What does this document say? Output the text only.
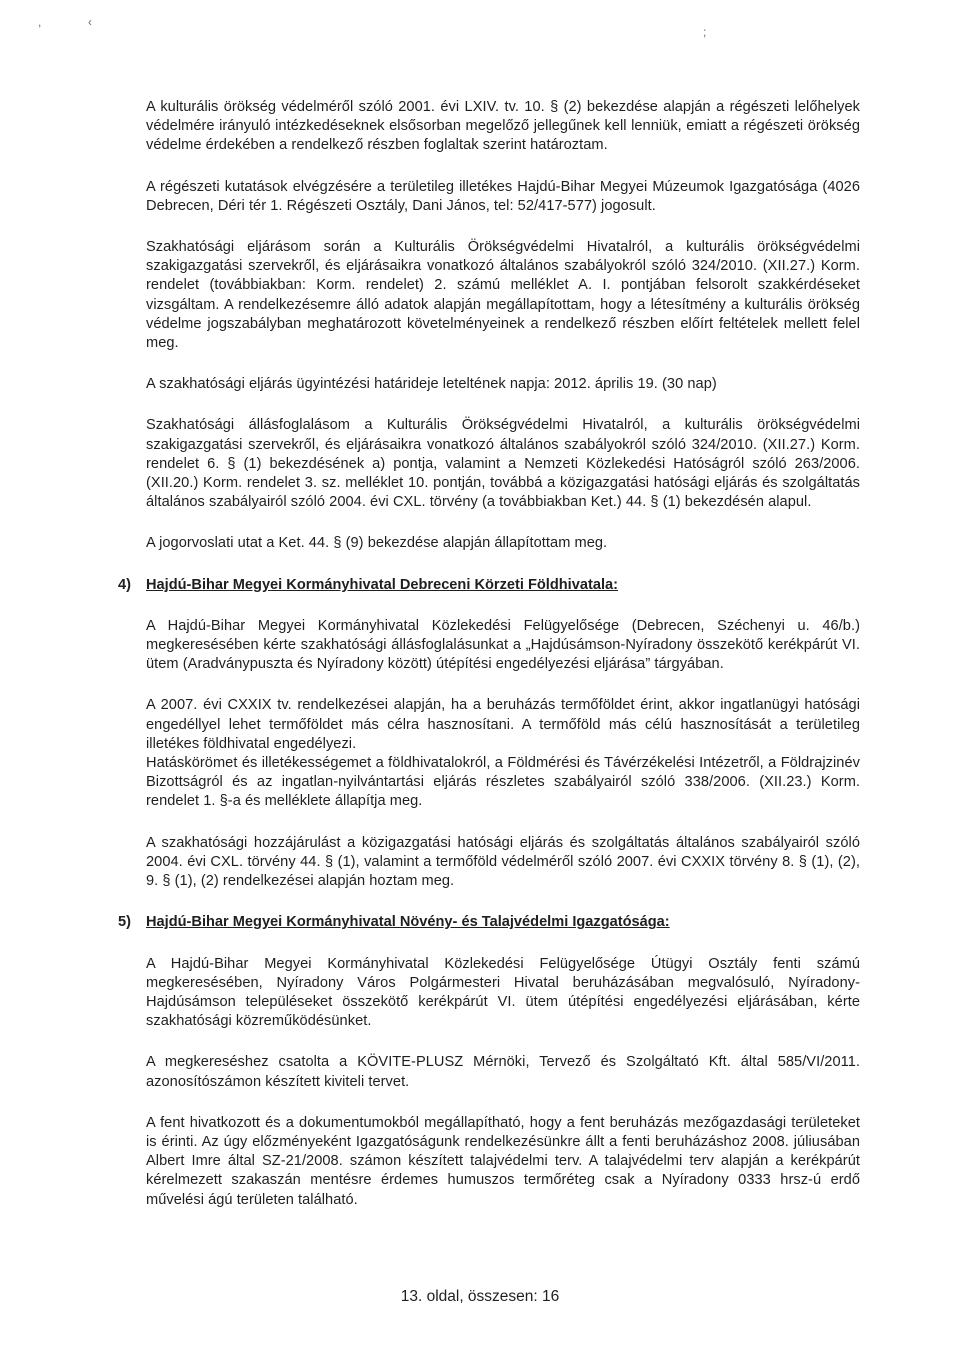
,	‹
;

A kulturális örökség védelméről szóló 2001. évi LXIV. tv. 10. § (2) bekezdése alapján a régészeti lelőhelyek védelmére irányuló intézkedéseknek elsősorban megelőző jellegűnek kell lenniük, emiatt a régészeti örökség védelme érdekében a rendelkező részben foglaltak szerint határoztam.

A régészeti kutatások elvégzésére a területileg illetékes Hajdú-Bihar Megyei Múzeumok Igazgatósága (4026 Debrecen, Déri tér 1. Régészeti Osztály, Dani János, tel: 52/417-577) jogosult.

Szakhatósági eljárásom során a Kulturális Örökségvédelmi Hivatalról, a kulturális örökségvédelmi szakigazgatási szervekről, és eljárásaikra vonatkozó általános szabályokról szóló 324/2010. (XII.27.) Korm. rendelet (továbbiakban: Korm. rendelet) 2. számú melléklet A. I. pontjában felsorolt szakkérdéseket vizsgáltam. A rendelkezésemre álló adatok alapján megállapítottam, hogy a létesítmény a kulturális örökség védelme jogszabályban meghatározott követelményeinek a rendelkező részben előírt feltételek mellett felel meg.

A szakhatósági eljárás ügyintézési határideje leteltének napja: 2012. április 19. (30 nap)

Szakhatósági állásfoglalásom a Kulturális Örökségvédelmi Hivatalról, a kulturális örökségvédelmi szakigazgatási szervekről, és eljárásaikra vonatkozó általános szabályokról szóló 324/2010. (XII.27.) Korm. rendelet 6. § (1) bekezdésének a) pontja, valamint a Nemzeti Közlekedési Hatóságról szóló 263/2006. (XII.20.) Korm. rendelet 3. sz. melléklet 10. pontján, továbbá a közigazgatási hatósági eljárás és szolgáltatás általános szabályairól szóló 2004. évi CXL. törvény (a továbbiakban Ket.) 44. § (1) bekezdésén alapul.

A jogorvoslati utat a Ket. 44. § (9) bekezdése alapján állapítottam meg.

4) Hajdú-Bihar Megyei Kormányhivatal Debreceni Körzeti Földhivatala:

A Hajdú-Bihar Megyei Kormányhivatal Közlekedési Felügyelősége (Debrecen, Széchenyi u. 46/b.) megkeresésében kérte szakhatósági állásfoglalásunkat a „Hajdúsámson-Nyíradony összekötő kerékpárút VI. ütem (Aradványpuszta és Nyíradony között) útépítési engedélyezési eljárása” tárgyában.

A 2007. évi CXXIX tv. rendelkezései alapján, ha a beruházás termőföldet érint, akkor ingatlanügyi hatósági engedéllyel lehet termőföldet más célra hasznosítani. A termőföld más célú hasznosítását a területileg illetékes földhivatal engedélyezi.

Hatáskörömet és illetékességemet a földhivatalokról, a Földmérési és Távérzékelési Intézetről, a Földrajzinév Bizottságról és az ingatlan-nyilvántartási eljárás részletes szabályairól szóló 338/2006. (XII.23.) Korm. rendelet 1. §-a és melléklete állapítja meg.

A szakhatósági hozzájárulást a közigazgatási hatósági eljárás és szolgáltatás általános szabályairól szóló 2004. évi CXL. törvény 44. § (1), valamint a termőföld védelméről szóló 2007. évi CXXIX törvény 8. § (1), (2), 9. § (1), (2) rendelkezései alapján hoztam meg.

5) Hajdú-Bihar Megyei Kormányhivatal Növény- és Talajvédelmi Igazgatósága:

A Hajdú-Bihar Megyei Kormányhivatal Közlekedési Felügyelősége Útügyi Osztály fenti számú megkeresésében, Nyíradony Város Polgármesteri Hivatal beruházásában megvalósuló, Nyíradony-Hajdúsámson településeket összekötő kerékpárút VI. ütem útépítési engedélyezési eljárásában, kérte szakhatósági közreműködésünket.

A megkereséshez csatolta a KÖVITE-PLUSZ Mérnöki, Tervező és Szolgáltató Kft. által 585/VI/2011. azonosítószámon készített kiviteli tervet.

A fent hivatkozott és a dokumentumokból megállapítható, hogy a fent beruházás mezőgazdasági területeket is érinti. Az úgy előzményeként Igazgatóságunk rendelkezésünkre állt a fenti beruházáshoz 2008. júliusában Albert Imre által SZ-21/2008. számon készített talajvédelmi terv. A talajvédelmi terv alapján a kerékpárút kérelmezett szakaszán mentésre érdemes humuszos termőréteg csak a Nyíradony 0333 hrsz-ú erdő művelési ágú területen található.

13. oldal, összesen: 16
